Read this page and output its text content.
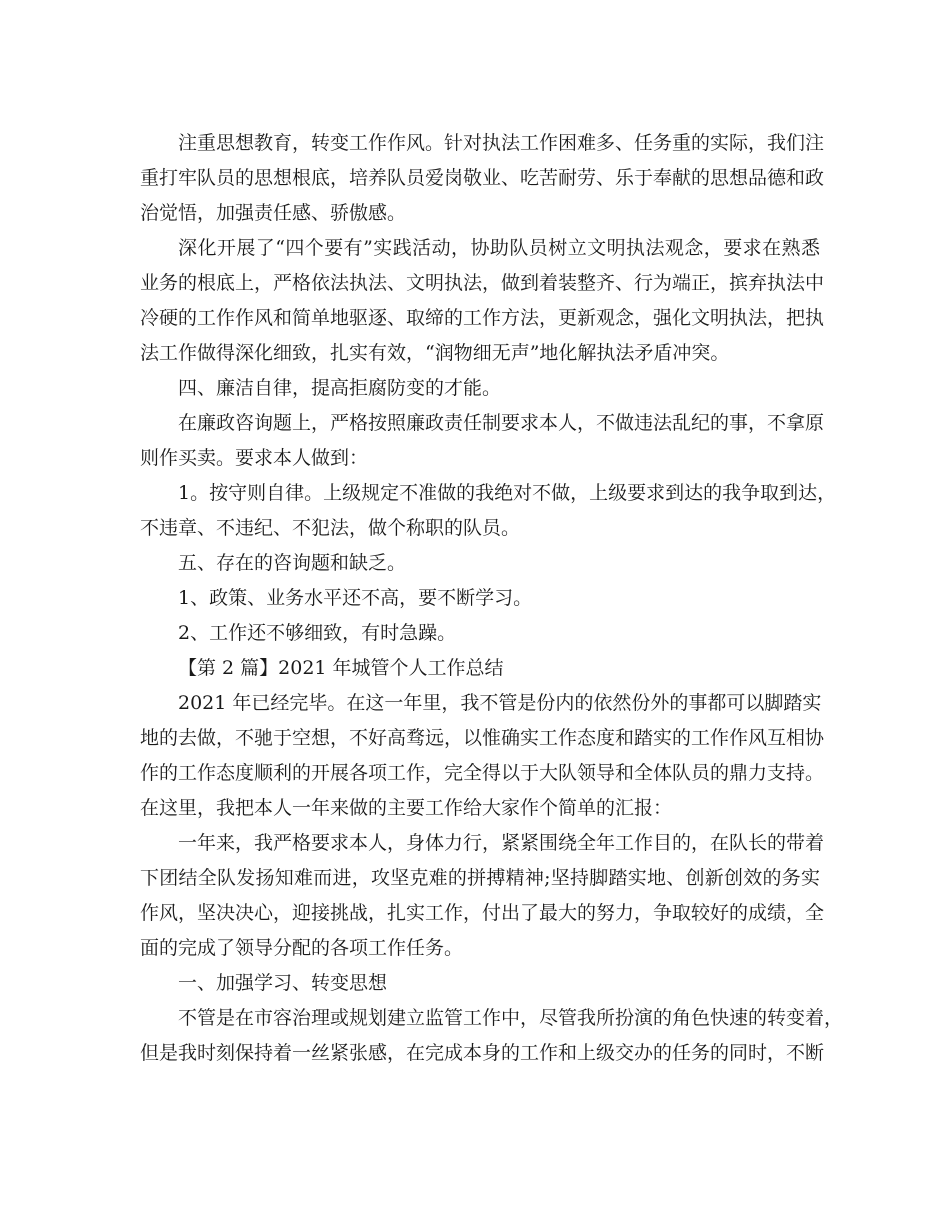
注重思想教育，转变工作作风。针对执法工作困难多、任务重的实际，我们注
重打牢队员的思想根底，培养队员爱岗敬业、吃苦耐劳、乐于奉献的思想品德和政
治觉悟，加强责任感、骄傲感。
深化开展了“四个要有”实践活动，协助队员树立文明执法观念，要求在熟悉
业务的根底上，严格依法执法、文明执法，做到着装整齐、行为端正，摈弃执法中
冷硬的工作作风和简单地驱逐、取缔的工作方法，更新观念，强化文明执法，把执
法工作做得深化细致，扎实有效，“润物细无声”地化解执法矛盾冲突。
四、廉洁自律，提高拒腐防变的才能。
在廉政咨询题上，严格按照廉政责任制要求本人，不做违法乱纪的事，不拿原
则作买卖。要求本人做到：
1。按守则自律。上级规定不准做的我绝对不做，上级要求到达的我争取到达，
不违章、不违纪、不犯法，做个称职的队员。
五、存在的咨询题和缺乏。
1、政策、业务水平还不高，要不断学习。
2、工作还不够细致，有时急躁。
【第 2 篇】2021 年城管个人工作总结
2021 年已经完毕。在这一年里，我不管是份内的依然份外的事都可以脚踏实
地的去做，不驰于空想，不好高骛远，以惟确实工作态度和踏实的工作作风互相协
作的工作态度顺利的开展各项工作，完全得以于大队领导和全体队员的鼎力支持。
在这里，我把本人一年来做的主要工作给大家作个简单的汇报：
一年来，我严格要求本人，身体力行，紧紧围绕全年工作目的，在队长的带着
下团结全队发扬知难而进，攻坚克难的拼搏精神;坚持脚踏实地、创新创效的务实
作风，坚决决心，迎接挑战，扎实工作，付出了最大的努力，争取较好的成绩，全
面的完成了领导分配的各项工作任务。
一、加强学习、转变思想
不管是在市容治理或规划建立监管工作中，尽管我所扮演的角色快速的转变着，
但是我时刻保持着一丝紧张感，在完成本身的工作和上级交办的任务的同时，不断
